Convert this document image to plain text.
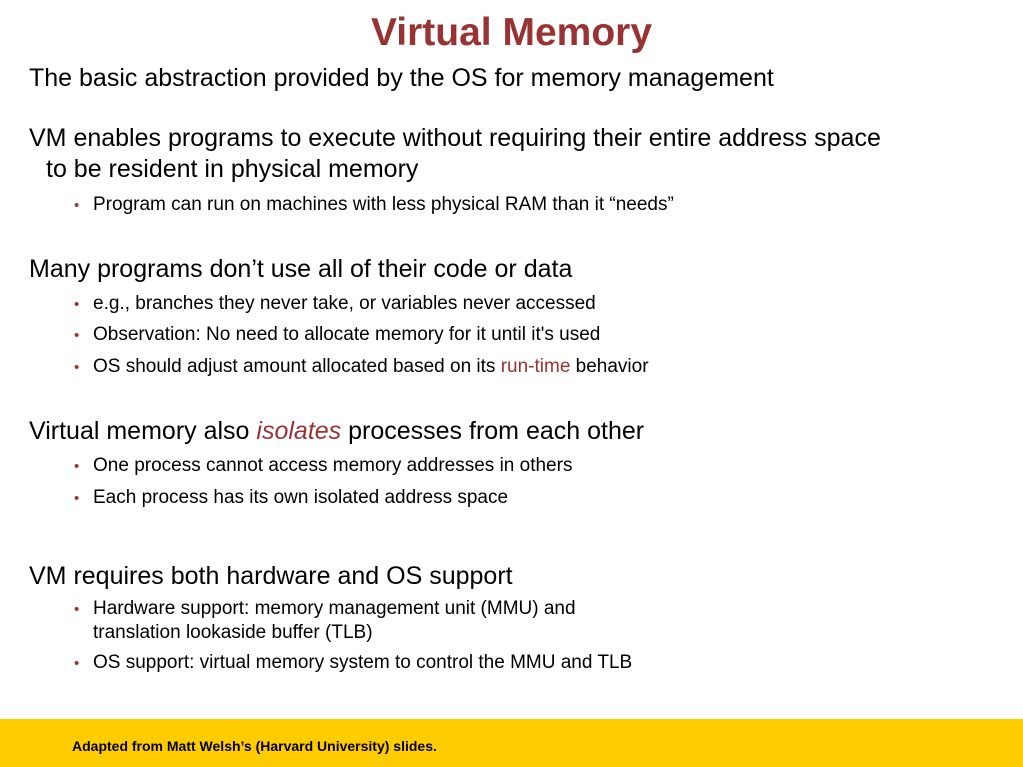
Virtual Memory
The basic abstraction provided by the OS for memory management
VM enables programs to execute without requiring their entire address space
to be resident in physical memory
• Program can run on machines with less physical RAM than it “needs”
Many programs don’t use all of their code or data
• e.g., branches they never take, or variables never accessed
• Observation: No need to allocate memory for it until it's used
• OS should adjust amount allocated based on its run-time behavior
Virtual memory also isolates processes from each other
• One process cannot access memory addresses in others
• Each process has its own isolated address space
VM requires both hardware and OS support
• Hardware support: memory management unit (MMU) and
translation lookaside buffer (TLB)
• OS support: virtual memory system to control the MMU and TLB
Adapted from Matt Welsh’s (Harvard University) slides.
